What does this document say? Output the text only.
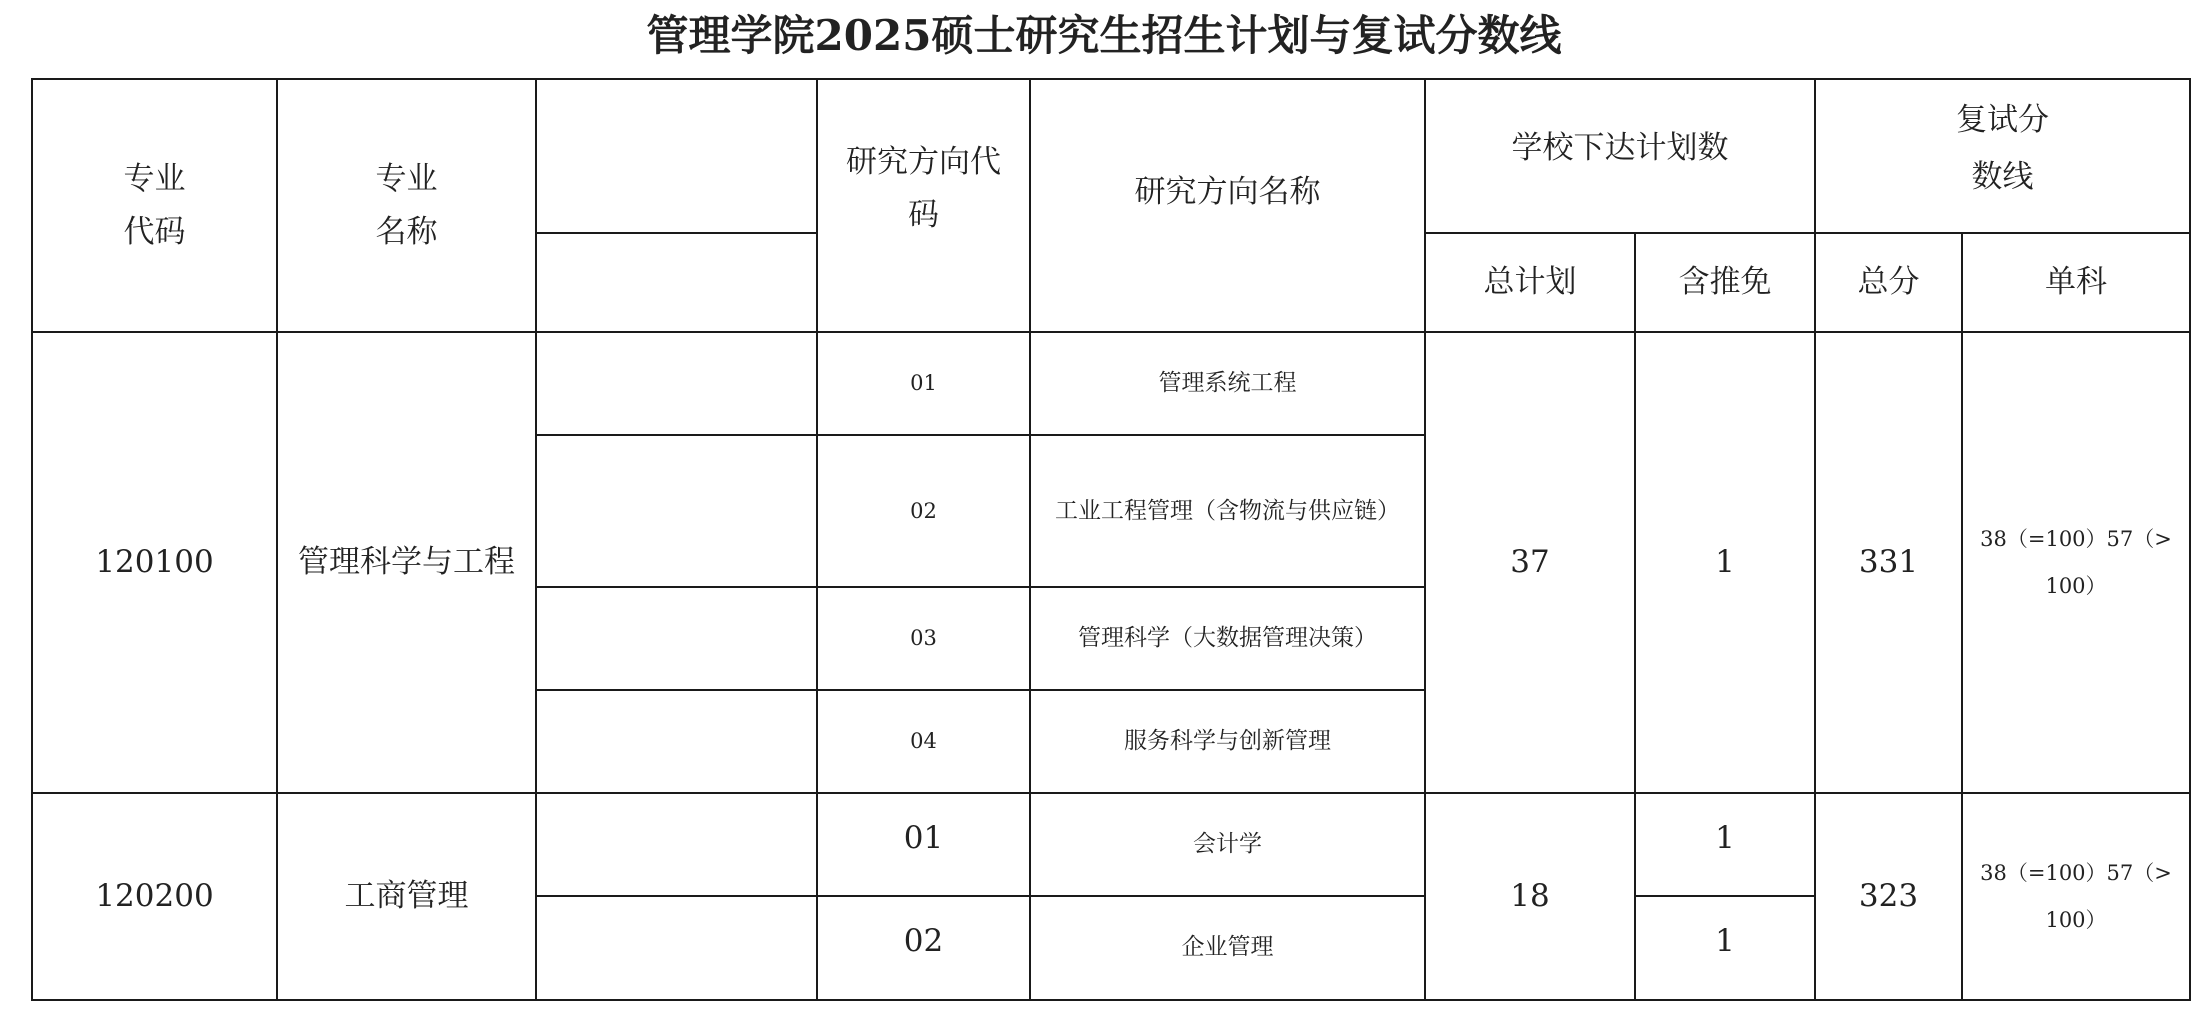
管理学院2025硕士研究生招生计划与复试分数线
专业
代码	专业
名称		研究方向代码	研究方向名称	学校下达计划数		复试分
数线	
					总计划	含推免	总分	单科
120100	管理科学与工程		01	管理系统工程	37	1	331	38（=100）57（>100）
			02	工业工程管理（含物流与供应链）				
			03	管理科学（大数据管理决策）				
			04	服务科学与创新管理				
120200	工商管理		01	会计学	18	1	323	38（=100）57（>100）
			02	企业管理		1		
